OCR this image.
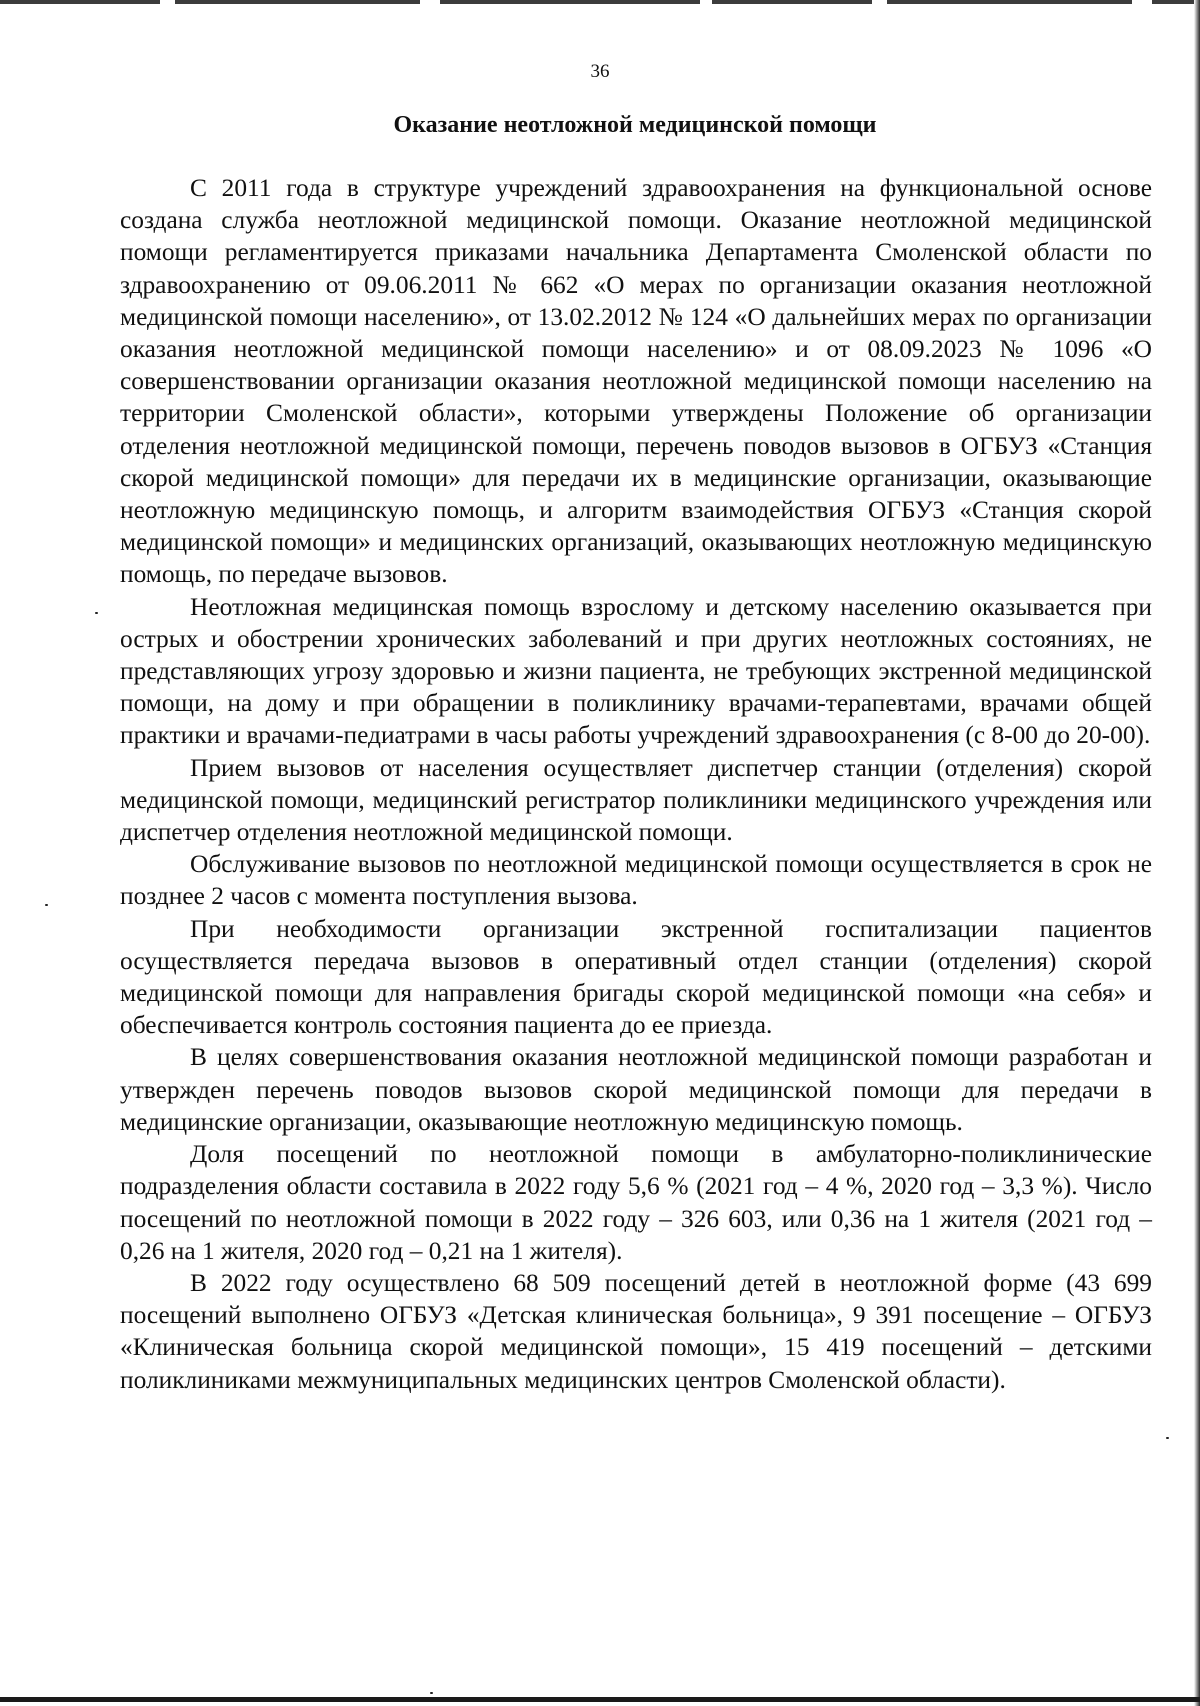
36
Оказание неотложной медицинской помощи

С 2011 года в структуре учреждений здравоохранения на функциональной основе создана служба неотложной медицинской помощи. Оказание неотложной медицинской помощи регламентируется приказами начальника Департамента Смоленской области по здравоохранению от 09.06.2011 № 662 «О мерах по организации оказания неотложной медицинской помощи населению», от 13.02.2012 № 124 «О дальнейших мерах по организации оказания неотложной медицинской помощи населению» и от 08.09.2023 № 1096 «О совершенствовании организации оказания неотложной медицинской помощи населению на территории Смоленской области», которыми утверждены Положение об организации отделения неотложной медицинской помощи, перечень поводов вызовов в ОГБУЗ «Станция скорой медицинской помощи» для передачи их в медицинские организации, оказывающие неотложную медицинскую помощь, и алгоритм взаимодействия ОГБУЗ «Станция скорой медицинской помощи» и медицинских организаций, оказывающих неотложную медицинскую помощь, по передаче вызовов.

Неотложная медицинская помощь взрослому и детскому населению оказывается при острых и обострении хронических заболеваний и при других неотложных состояниях, не представляющих угрозу здоровью и жизни пациента, не требующих экстренной медицинской помощи, на дому и при обращении в поликлинику врачами-терапевтами, врачами общей практики и врачами-педиатрами в часы работы учреждений здравоохранения (с 8-00 до 20-00).

Прием вызовов от населения осуществляет диспетчер станции (отделения) скорой медицинской помощи, медицинский регистратор поликлиники медицинского учреждения или диспетчер отделения неотложной медицинской помощи.

Обслуживание вызовов по неотложной медицинской помощи осуществляется в срок не позднее 2 часов с момента поступления вызова.

При необходимости организации экстренной госпитализации пациентов осуществляется передача вызовов в оперативный отдел станции (отделения) скорой медицинской помощи для направления бригады скорой медицинской помощи «на себя» и обеспечивается контроль состояния пациента до ее приезда.

В целях совершенствования оказания неотложной медицинской помощи разработан и утвержден перечень поводов вызовов скорой медицинской помощи для передачи в медицинские организации, оказывающие неотложную медицинскую помощь.

Доля посещений по неотложной помощи в амбулаторно-поликлинические подразделения области составила в 2022 году 5,6 % (2021 год – 4 %, 2020 год – 3,3 %). Число посещений по неотложной помощи в 2022 году – 326 603, или 0,36 на 1 жителя (2021 год – 0,26 на 1 жителя, 2020 год – 0,21 на 1 жителя).

В 2022 году осуществлено 68 509 посещений детей в неотложной форме (43 699 посещений выполнено ОГБУЗ «Детская клиническая больница», 9 391 посещение – ОГБУЗ «Клиническая больница скорой медицинской помощи», 15 419 посещений – детскими поликлиниками межмуниципальных медицинских центров Смоленской области).
